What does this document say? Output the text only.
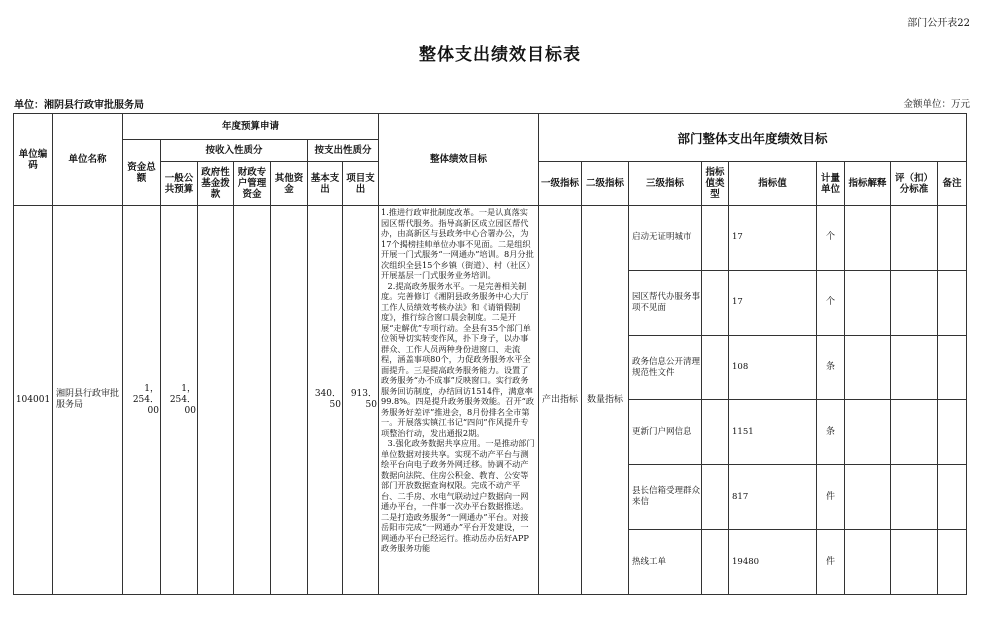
部门公开表22
整体支出绩效目标表
单位：湘阴县行政审批服务局	金额单位：万元
单位编码	单位名称	年度预算申请							整体绩效目标	部门整体支出年度绩效目标								
		资金总额	按收入性质分				按支出性质分											
			一般公共预算	政府性基金拨款	财政专户管理资金	其他资金	基本支出	项目支出										
										一级指标	二级指标	三级指标	指标值类型	指标值	计量单位	指标解释	评（扣）分标准	备注
104001	湘阴县行政审批服务局	1，254．00	1，254．00				340．50	913．50	1.推进行政审批制度改革。一是认真落实园区帮代服务。指导高新区成立园区帮代办，由高新区与县政务中心合署办公，为17个揭榜挂帅单位办事不见面。二是组织开展一门式服务“一网通办”培训。8月分批次组织全县15个乡镇（街道）、村（社区）开展基层一门式服务业务培训。

2.提高政务服务水平。一是完善相关制度。完善修订《湘阴县政务服务中心大厅工作人员绩效考核办法》和《请销假制度》，推行综合窗口晨会制度。二是开展“走解优”专项行动。全县有35个部门单位领导切实转变作风，扑下身子，以办事群众、工作人员两种身份进窗口、走流程，涵盖事项80个，力促政务服务水平全面提升。三是提高政务服务能力。设置了政务服务“办不成事”反映窗口。实行政务服务回访制度，办结回访1514件，满意率99.8%。四是提升政务服务效能。召开“政务服务好差评”推进会，8月份排名全市第一。开展落实镇江书记“四问”作风提升专项整治行动，发出通报2期。

3.强化政务数据共享应用。一是推动部门单位数据对接共享。实现不动产平台与测绘平台向电子政务外网迁移。协调不动产数据向法院、住房公积金、教育、公安等部门开放数据查询权限。完成不动产平台、二手房、水电气联动过户数据向一网通办平台，一件事一次办平台数据推送。二是打造政务服务“一网通办”平台。对接岳阳市完成“一网通办”平台开发建设，一网通办平台已经运行。推动岳办岳好APP政务服务功能	产出指标	数量指标	启动无证明城市		17	个			
												园区帮代办服务事项不见面		17	个			
												政务信息公开清理规范性文件		108	条			
												更新门户网信息		1151	条			
												县长信箱受理群众来信		817	件			
												热线工单		19480	件			
